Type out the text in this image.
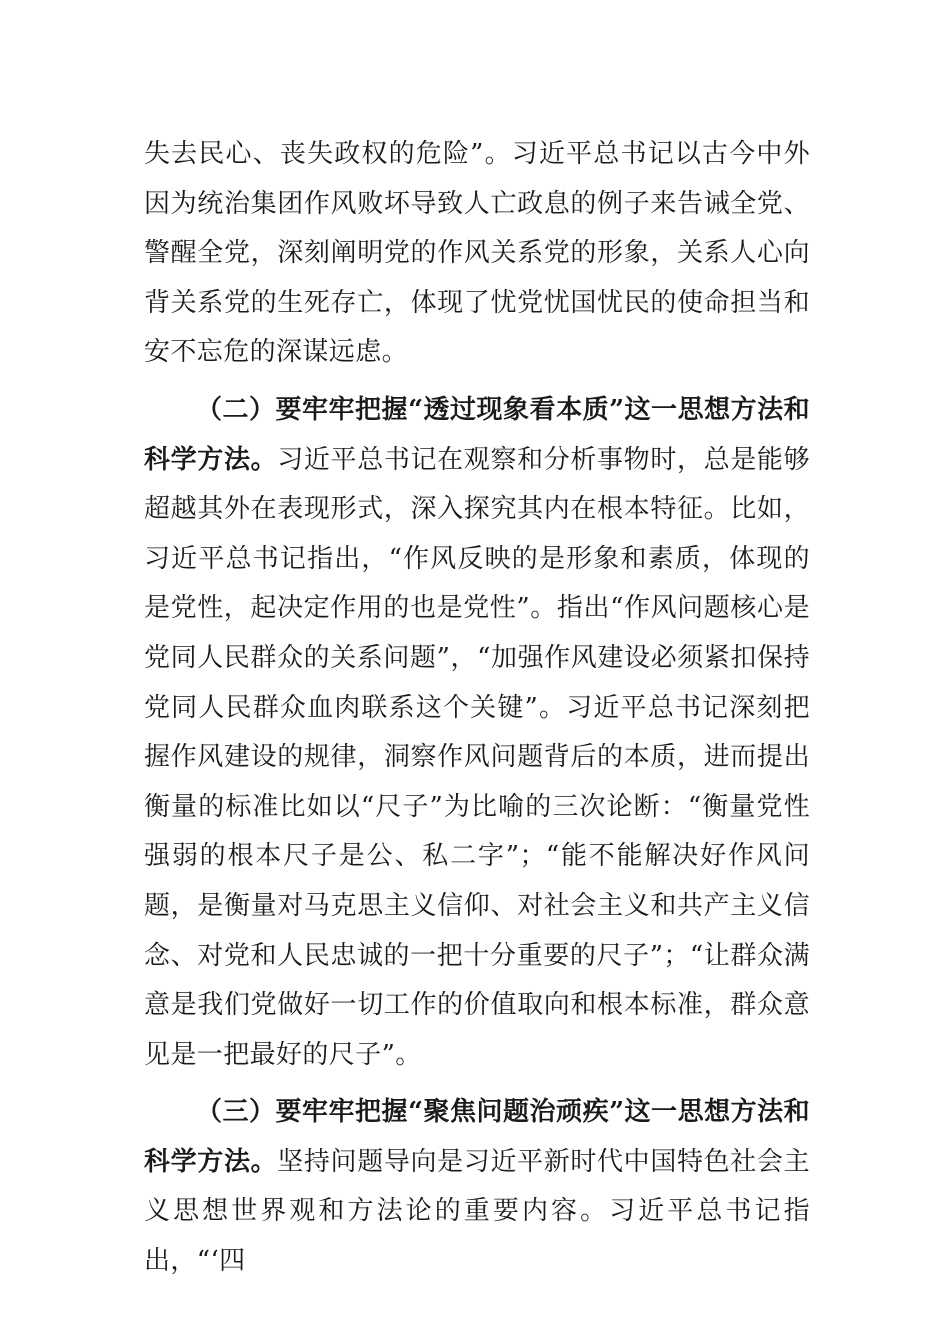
失去民心、丧失政权的危险”。习近平总书记以古今中外因为统治集团作风败坏导致人亡政息的例子来告诫全党、警醒全党，深刻阐明党的作风关系党的形象，关系人心向背关系党的生死存亡，体现了忧党忧国忧民的使命担当和安不忘危的深谋远虑。

（二）要牢牢把握“透过现象看本质”这一思想方法和科学方法。习近平总书记在观察和分析事物时，总是能够超越其外在表现形式，深入探究其内在根本特征。比如，习近平总书记指出，“作风反映的是形象和素质，体现的是党性，起决定作用的也是党性”。指出“作风问题核心是党同人民群众的关系问题”，“加强作风建设必须紧扣保持党同人民群众血肉联系这个关键”。习近平总书记深刻把握作风建设的规律，洞察作风问题背后的本质，进而提出衡量的标准比如以“尺子”为比喻的三次论断：“衡量党性强弱的根本尺子是公、私二字”；“能不能解决好作风问题，是衡量对马克思主义信仰、对社会主义和共产主义信念、对党和人民忠诚的一把十分重要的尺子”；“让群众满意是我们党做好一切工作的价值取向和根本标准，群众意见是一把最好的尺子”。

（三）要牢牢把握“聚焦问题治顽疾”这一思想方法和科学方法。坚持问题导向是习近平新时代中国特色社会主义思想世界观和方法论的重要内容。习近平总书记指出，“‘四
